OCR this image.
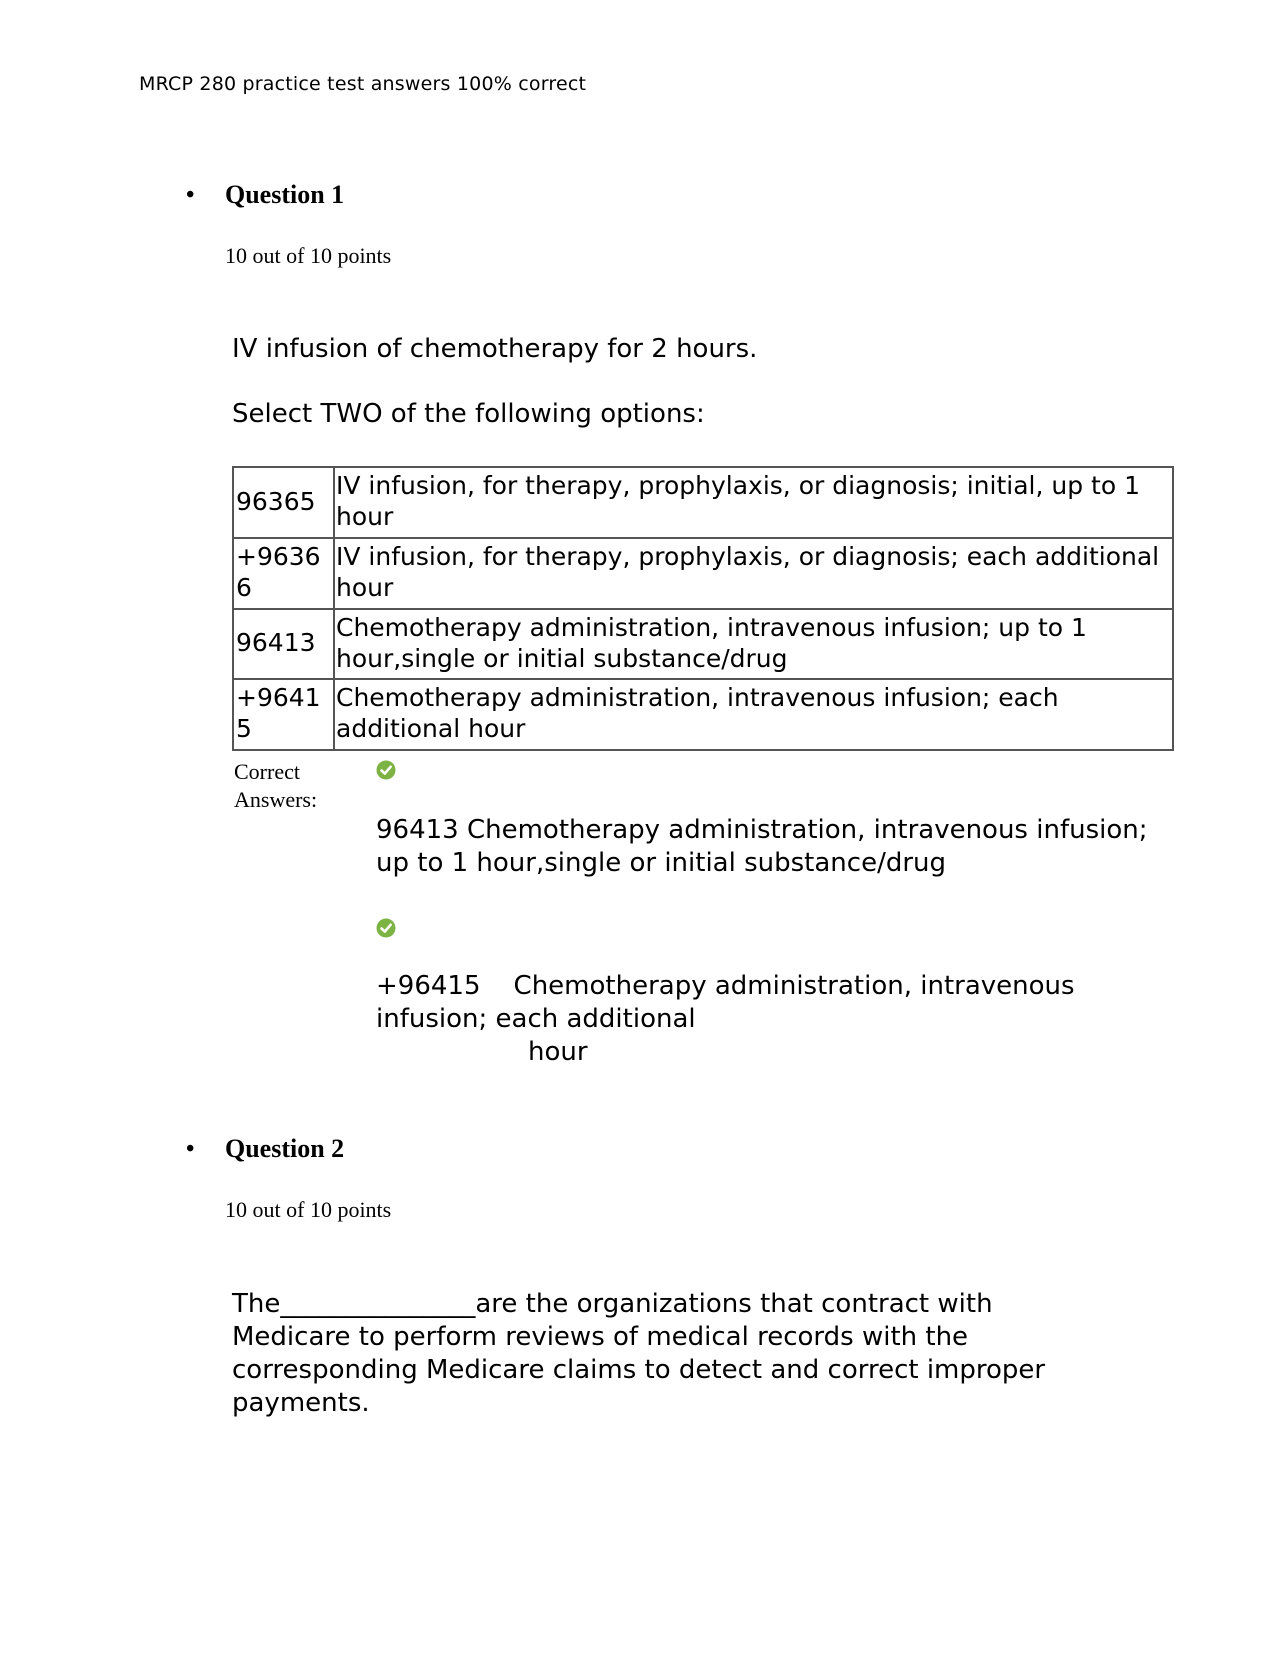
MRCP 280 practice test answers 100% correct
• Question 1
10 out of 10 points
IV infusion of chemotherapy for 2 hours.
Select TWO of the following options:
96365	IV infusion, for therapy, prophylaxis, or diagnosis; initial, up to 1 hour
+96366	IV infusion, for therapy, prophylaxis, or diagnosis; each additional hour
96413	Chemotherapy administration, intravenous infusion; up to 1 hour,single or initial substance/drug
+96415	Chemotherapy administration, intravenous infusion; each additional hour
Correct Answers:
96413 Chemotherapy administration, intravenous infusion; up to 1 hour,single or initial substance/drug
+96415    Chemotherapy administration, intravenous infusion; each additional
hour
• Question 2
10 out of 10 points
The_______________are the organizations that contract with Medicare to perform reviews of medical records with the corresponding Medicare claims to detect and correct improper payments.
